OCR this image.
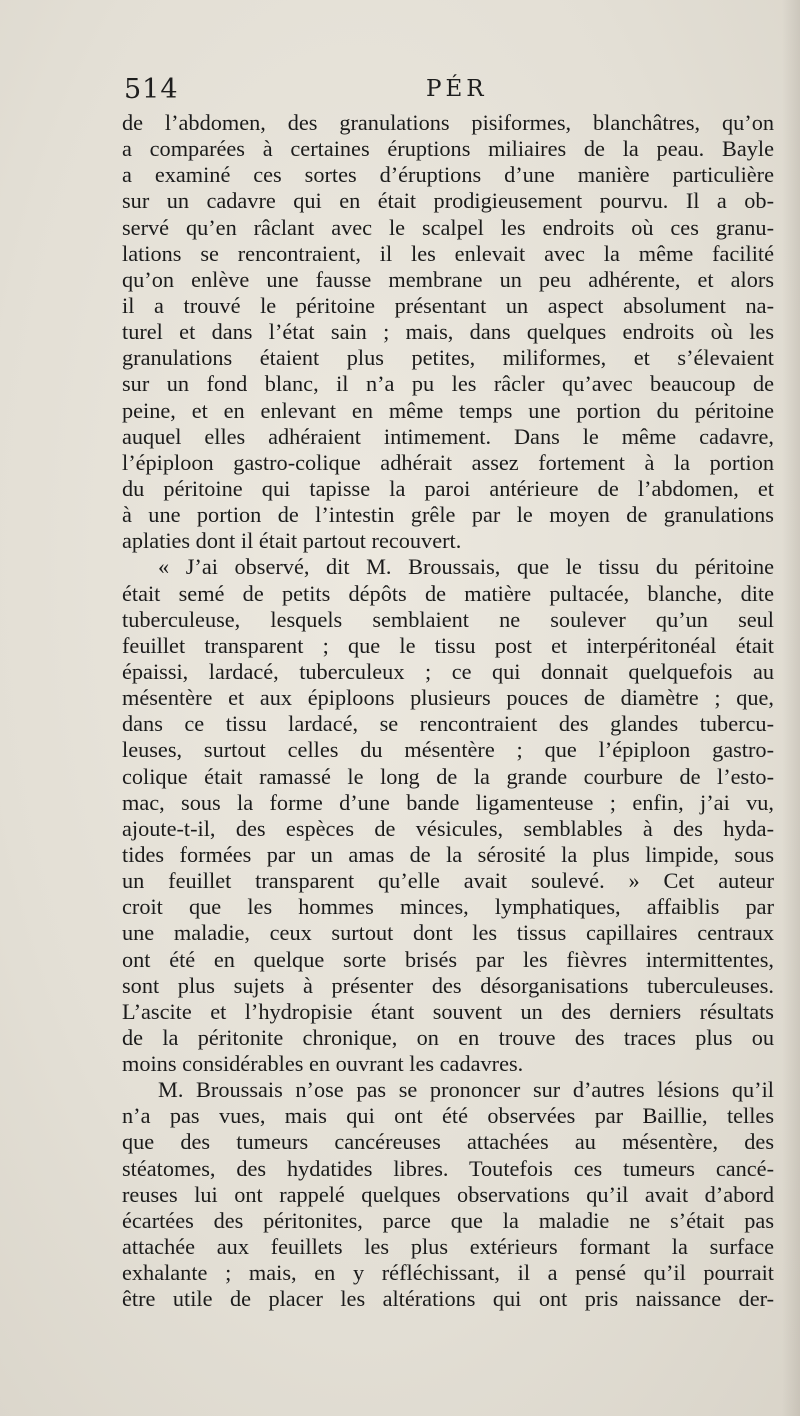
514	PÉR
de l’abdomen, des granulations pisiformes, blanchâtres, qu’on
a comparées à certaines éruptions miliaires de la peau. Bayle
a examiné ces sortes d’éruptions d’une manière particulière
sur un cadavre qui en était prodigieusement pourvu. Il a ob-
servé qu’en râclant avec le scalpel les endroits où ces granu-
lations se rencontraient, il les enlevait avec la même facilité
qu’on enlève une fausse membrane un peu adhérente, et alors
il a trouvé le péritoine présentant un aspect absolument na-
turel et dans l’état sain ; mais, dans quelques endroits où les
granulations étaient plus petites, miliformes, et s’élevaient
sur un fond blanc, il n’a pu les râcler qu’avec beaucoup de
peine, et en enlevant en même temps une portion du péritoine
auquel elles adhéraient intimement. Dans le même cadavre,
l’épiploon gastro-colique adhérait assez fortement à la portion
du péritoine qui tapisse la paroi antérieure de l’abdomen, et
à une portion de l’intestin grêle par le moyen de granulations
aplaties dont il était partout recouvert.
« J’ai observé, dit M. Broussais, que le tissu du péritoine
était semé de petits dépôts de matière pultacée, blanche, dite
tuberculeuse, lesquels semblaient ne soulever qu’un seul
feuillet transparent ; que le tissu post et interpéritonéal était
épaissi, lardacé, tuberculeux ; ce qui donnait quelquefois au
mésentère et aux épiploons plusieurs pouces de diamètre ; que,
dans ce tissu lardacé, se rencontraient des glandes tubercu-
leuses, surtout celles du mésentère ; que l’épiploon gastro-
colique était ramassé le long de la grande courbure de l’esto-
mac, sous la forme d’une bande ligamenteuse ; enfin, j’ai vu,
ajoute-t-il, des espèces de vésicules, semblables à des hyda-
tides formées par un amas de la sérosité la plus limpide, sous
un feuillet transparent qu’elle avait soulevé. » Cet auteur
croit que les hommes minces, lymphatiques, affaiblis par
une maladie, ceux surtout dont les tissus capillaires centraux
ont été en quelque sorte brisés par les fièvres intermittentes,
sont plus sujets à présenter des désorganisations tuberculeuses.
L’ascite et l’hydropisie étant souvent un des derniers résultats
de la péritonite chronique, on en trouve des traces plus ou
moins considérables en ouvrant les cadavres.
M. Broussais n’ose pas se prononcer sur d’autres lésions qu’il
n’a pas vues, mais qui ont été observées par Baillie, telles
que des tumeurs cancéreuses attachées au mésentère, des
stéatomes, des hydatides libres. Toutefois ces tumeurs cancé-
reuses lui ont rappelé quelques observations qu’il avait d’abord
écartées des péritonites, parce que la maladie ne s’était pas
attachée aux feuillets les plus extérieurs formant la surface
exhalante ; mais, en y réfléchissant, il a pensé qu’il pourrait
être utile de placer les altérations qui ont pris naissance der-
